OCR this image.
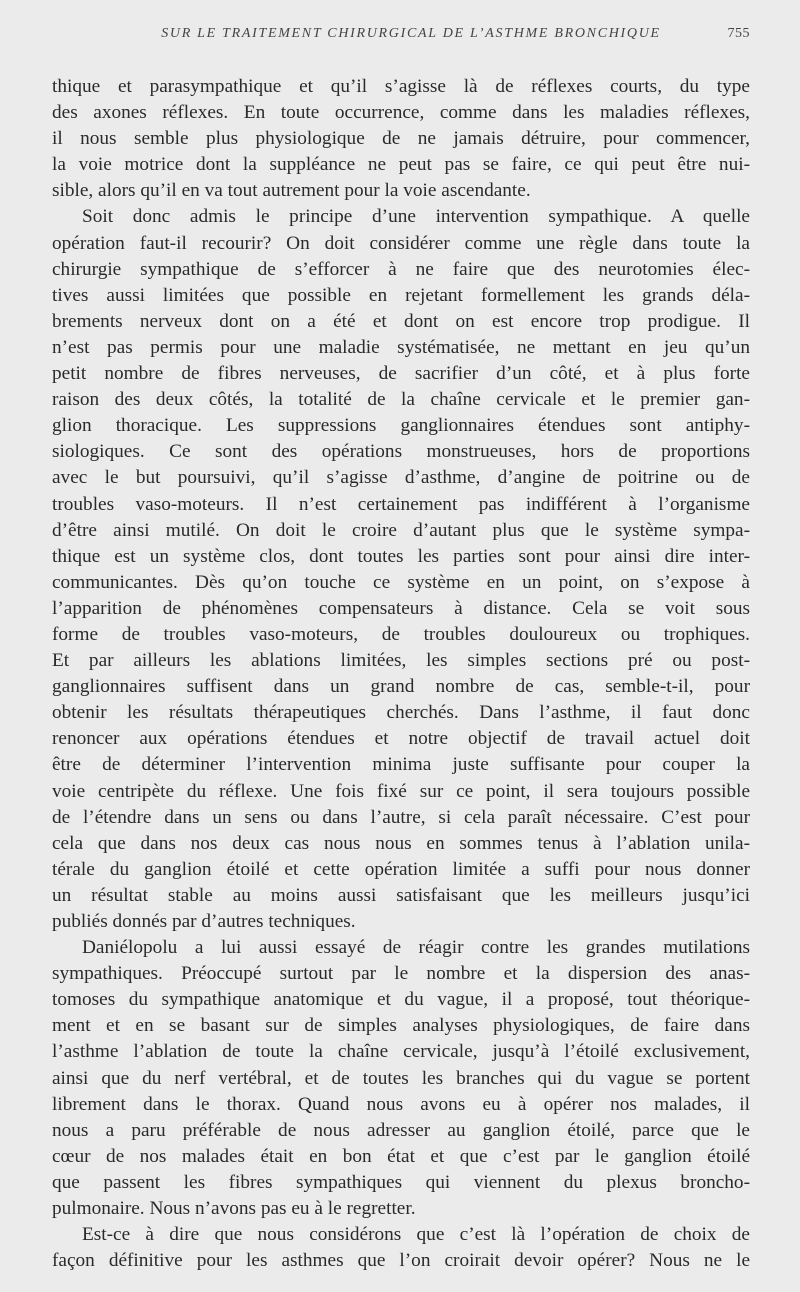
SUR LE TRAITEMENT CHIRURGICAL DE L’ASTHME BRONCHIQUE	755
thique et parasympathique et qu’il s’agisse là de réflexes courts, du type
des axones réflexes. En toute occurrence, comme dans les maladies réflexes,
il nous semble plus physiologique de ne jamais détruire, pour commencer,
la voie motrice dont la suppléance ne peut pas se faire, ce qui peut être nui-
sible, alors qu’il en va tout autrement pour la voie ascendante.
Soit donc admis le principe d’une intervention sympathique. A quelle
opération faut-il recourir? On doit considérer comme une règle dans toute la
chirurgie sympathique de s’efforcer à ne faire que des neurotomies élec-
tives aussi limitées que possible en rejetant formellement les grands déla-
brements nerveux dont on a été et dont on est encore trop prodigue. Il
n’est pas permis pour une maladie systématisée, ne mettant en jeu qu’un
petit nombre de fibres nerveuses, de sacrifier d’un côté, et à plus forte
raison des deux côtés, la totalité de la chaîne cervicale et le premier gan-
glion thoracique. Les suppressions ganglionnaires étendues sont antiphy-
siologiques. Ce sont des opérations monstrueuses, hors de proportions
avec le but poursuivi, qu’il s’agisse d’asthme, d’angine de poitrine ou de
troubles vaso-moteurs. Il n’est certainement pas indifférent à l’organisme
d’être ainsi mutilé. On doit le croire d’autant plus que le système sympa-
thique est un système clos, dont toutes les parties sont pour ainsi dire inter-
communicantes. Dès qu’on touche ce système en un point, on s’expose à
l’apparition de phénomènes compensateurs à distance. Cela se voit sous
forme de troubles vaso-moteurs, de troubles douloureux ou trophiques.
Et par ailleurs les ablations limitées, les simples sections pré ou post-
ganglionnaires suffisent dans un grand nombre de cas, semble-t-il, pour
obtenir les résultats thérapeutiques cherchés. Dans l’asthme, il faut donc
renoncer aux opérations étendues et notre objectif de travail actuel doit
être de déterminer l’intervention minima juste suffisante pour couper la
voie centripète du réflexe. Une fois fixé sur ce point, il sera toujours possible
de l’étendre dans un sens ou dans l’autre, si cela paraît nécessaire. C’est pour
cela que dans nos deux cas nous nous en sommes tenus à l’ablation unila-
térale du ganglion étoilé et cette opération limitée a suffi pour nous donner
un résultat stable au moins aussi satisfaisant que les meilleurs jusqu’ici
publiés donnés par d’autres techniques.
Daniélopolu a lui aussi essayé de réagir contre les grandes mutilations
sympathiques. Préoccupé surtout par le nombre et la dispersion des anas-
tomoses du sympathique anatomique et du vague, il a proposé, tout théorique-
ment et en se basant sur de simples analyses physiologiques, de faire dans
l’asthme l’ablation de toute la chaîne cervicale, jusqu’à l’étoilé exclusivement,
ainsi que du nerf vertébral, et de toutes les branches qui du vague se portent
librement dans le thorax. Quand nous avons eu à opérer nos malades, il
nous a paru préférable de nous adresser au ganglion étoilé, parce que le
cœur de nos malades était en bon état et que c’est par le ganglion étoilé
que passent les fibres sympathiques qui viennent du plexus broncho-
pulmonaire. Nous n’avons pas eu à le regretter.
Est-ce à dire que nous considérons que c’est là l’opération de choix de
façon définitive pour les asthmes que l’on croirait devoir opérer? Nous ne le
